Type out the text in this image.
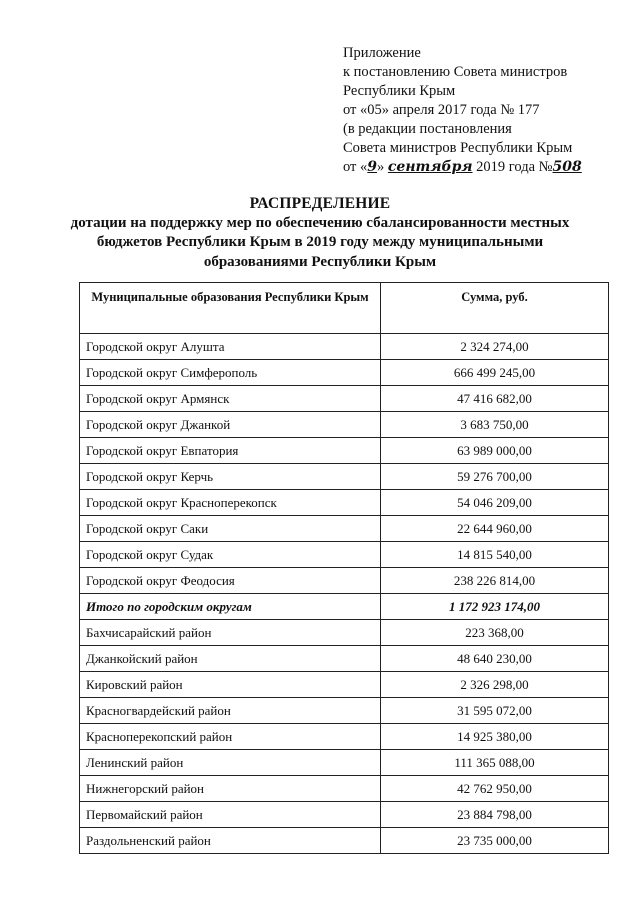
Приложение
к постановлению Совета министров
Республики Крым
от «05» апреля 2017 года № 177
(в редакции постановления
Совета министров Республики Крым
от «9» сентября 2019 года №508
РАСПРЕДЕЛЕНИЕ
дотации на поддержку мер по обеспечению сбалансированности местных
бюджетов Республики Крым в 2019 году между муниципальными
образованиями Республики Крым
Муниципальные образования Республики Крым	Сумма, руб.
Городской округ Алушта	2 324 274,00
Городской округ Симферополь	666 499 245,00
Городской округ Армянск	47 416 682,00
Городской округ Джанкой	3 683 750,00
Городской округ Евпатория	63 989 000,00
Городской округ Керчь	59 276 700,00
Городской округ Красноперекопск	54 046 209,00
Городской округ Саки	22 644 960,00
Городской округ Судак	14 815 540,00
Городской округ Феодосия	238 226 814,00
Итого по городским округам	1 172 923 174,00
Бахчисарайский район	223 368,00
Джанкойский район	48 640 230,00
Кировский район	2 326 298,00
Красногвардейский район	31 595 072,00
Красноперекопский район	14 925 380,00
Ленинский район	111 365 088,00
Нижнегорский район	42 762 950,00
Первомайский район	23 884 798,00
Раздольненский район	23 735 000,00
